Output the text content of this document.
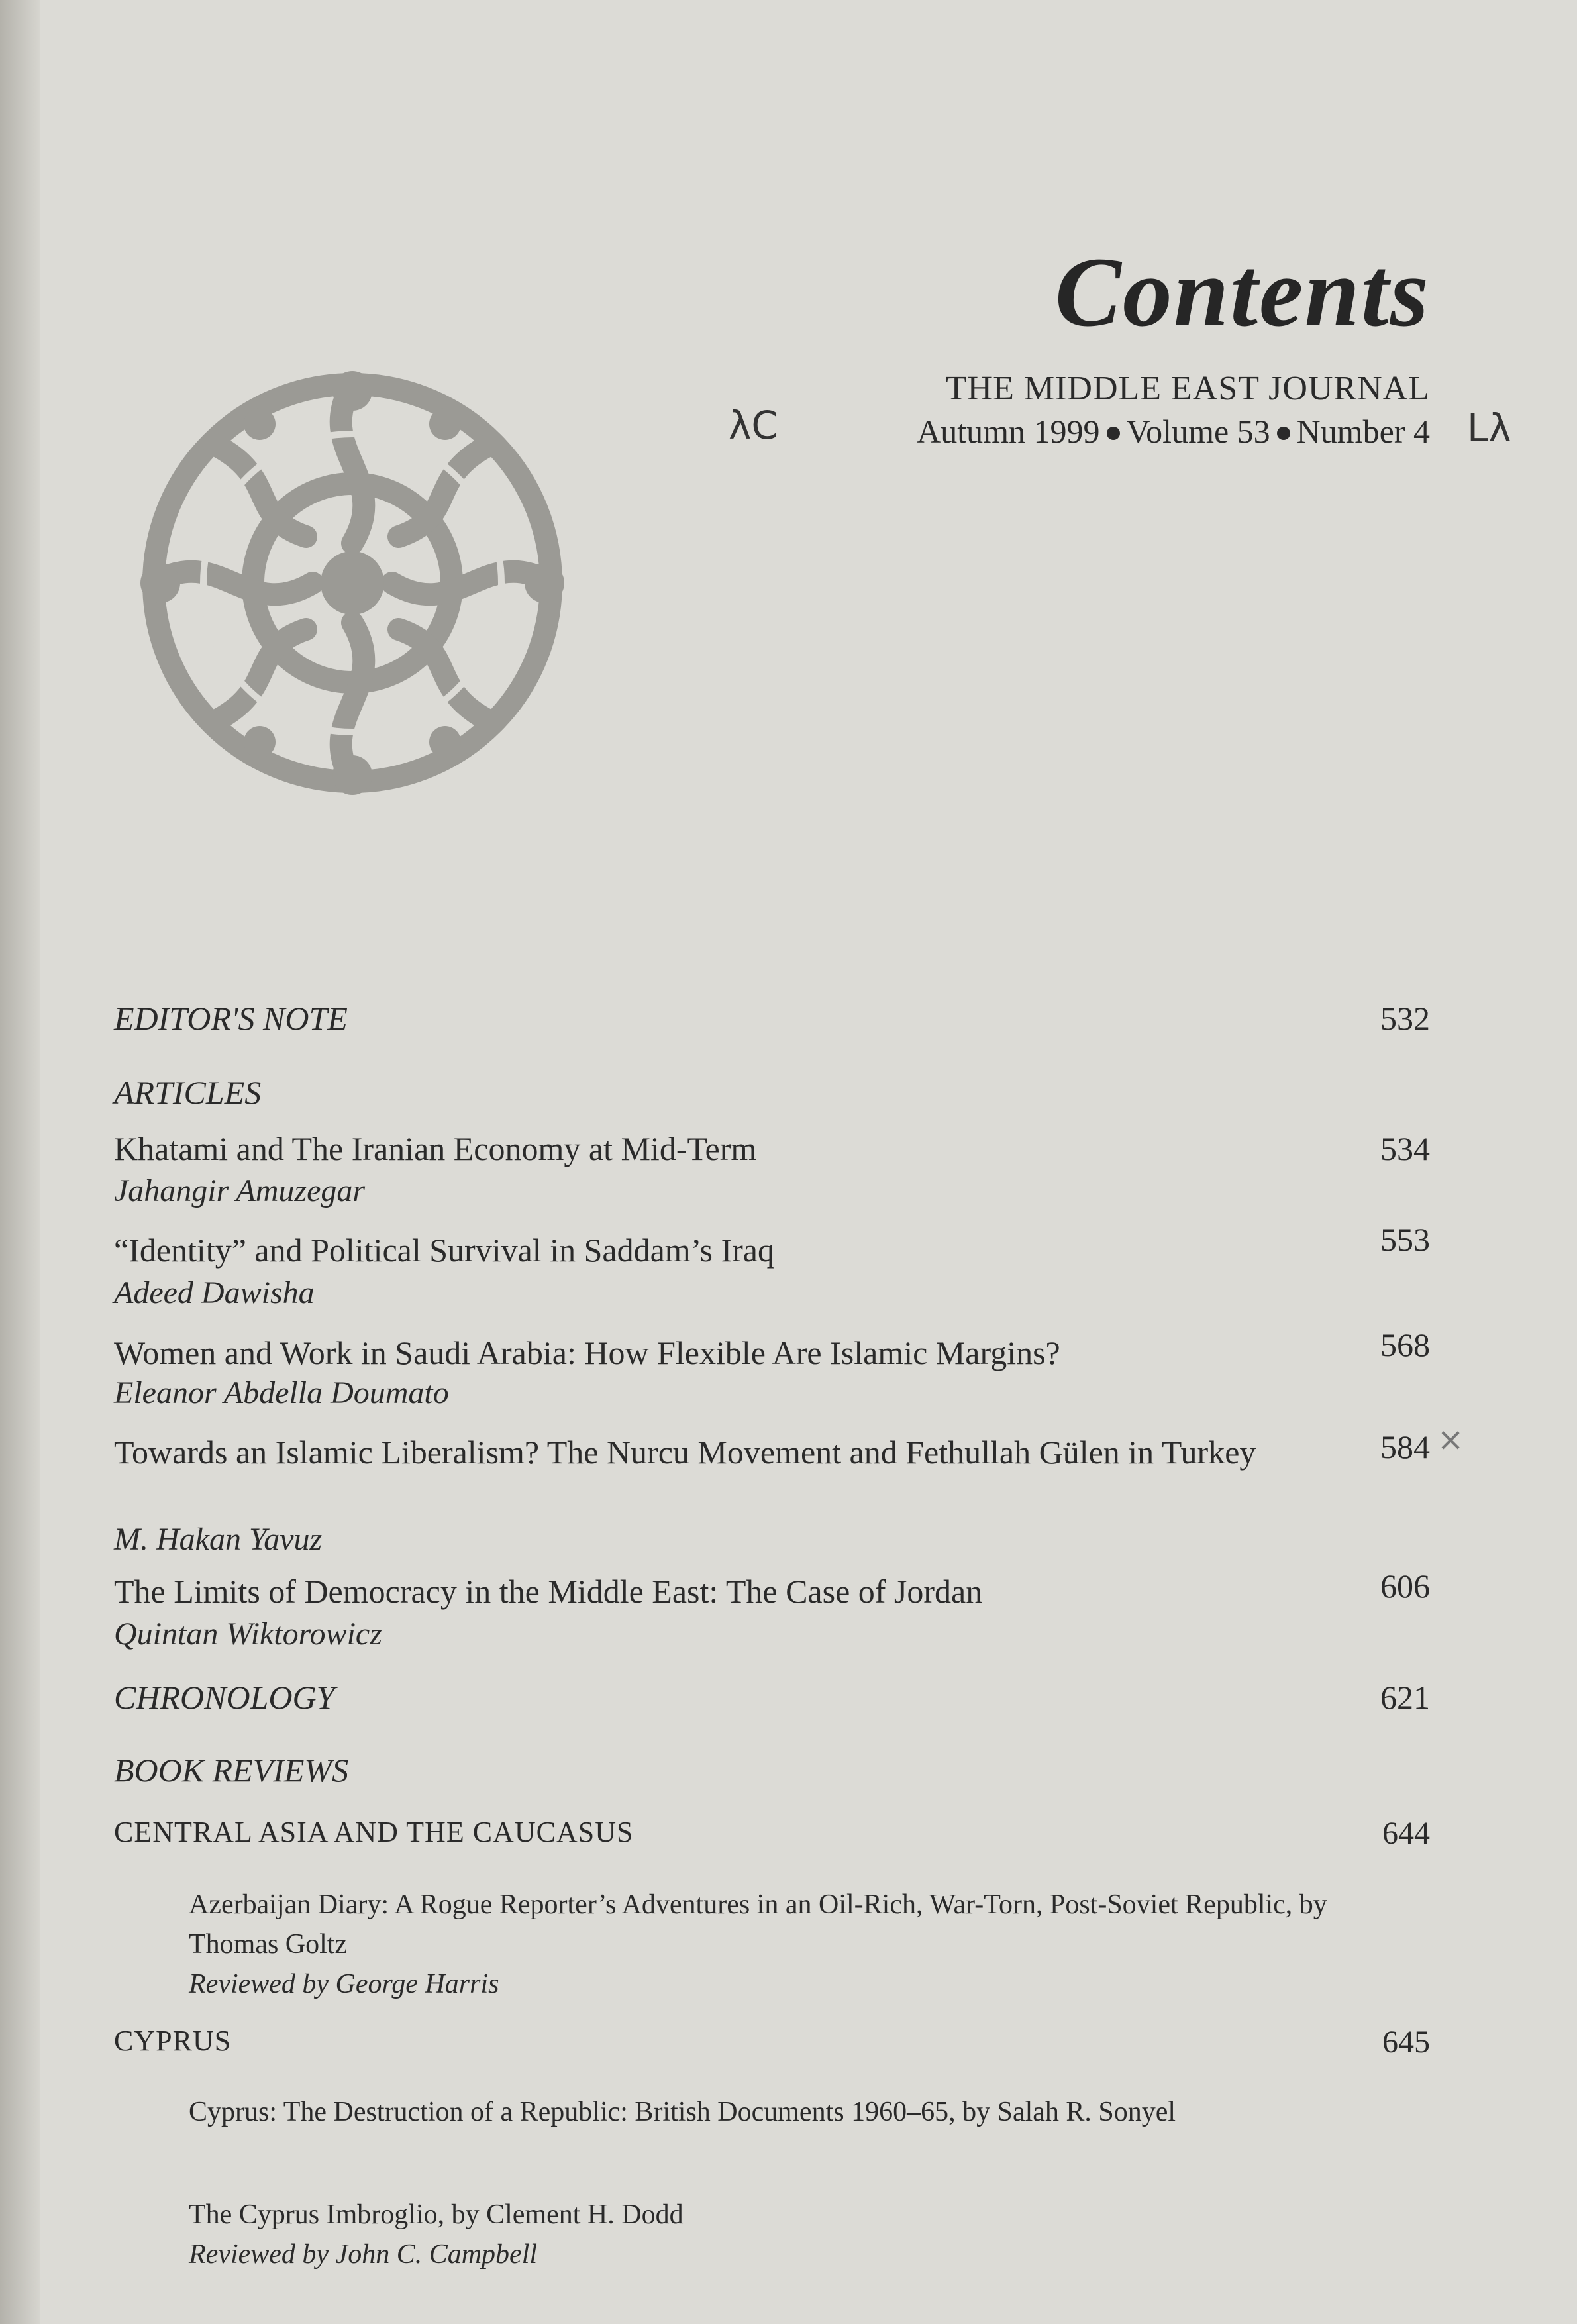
Contents
THE MIDDLE EAST JOURNAL
Autumn 1999 Volume 53 Number 4
λC	Lλ
EDITOR'S NOTE	532
ARTICLES
Khatami and The Iranian Economy at Mid-Term	534
Jahangir Amuzegar
“Identity” and Political Survival in Saddam’s Iraq	553
Adeed Dawisha
Women and Work in Saudi Arabia: How Flexible Are Islamic Margins?	568
Eleanor Abdella Doumato
Towards an Islamic Liberalism? The Nurcu Movement and Fethullah Gülen in Turkey	584
M. Hakan Yavuz
×
The Limits of Democracy in the Middle East: The Case of Jordan	606
Quintan Wiktorowicz
CHRONOLOGY	621
BOOK REVIEWS
CENTRAL ASIA AND THE CAUCASUS	644
Azerbaijan Diary: A Rogue Reporter’s Adventures in an Oil-Rich, War-Torn, Post-Soviet Republic, by Thomas Goltz
Reviewed by George Harris
CYPRUS	645
Cyprus: The Destruction of a Republic: British Documents 1960–65, by Salah R. Sonyel
The Cyprus Imbroglio, by Clement H. Dodd
Reviewed by John C. Campbell
